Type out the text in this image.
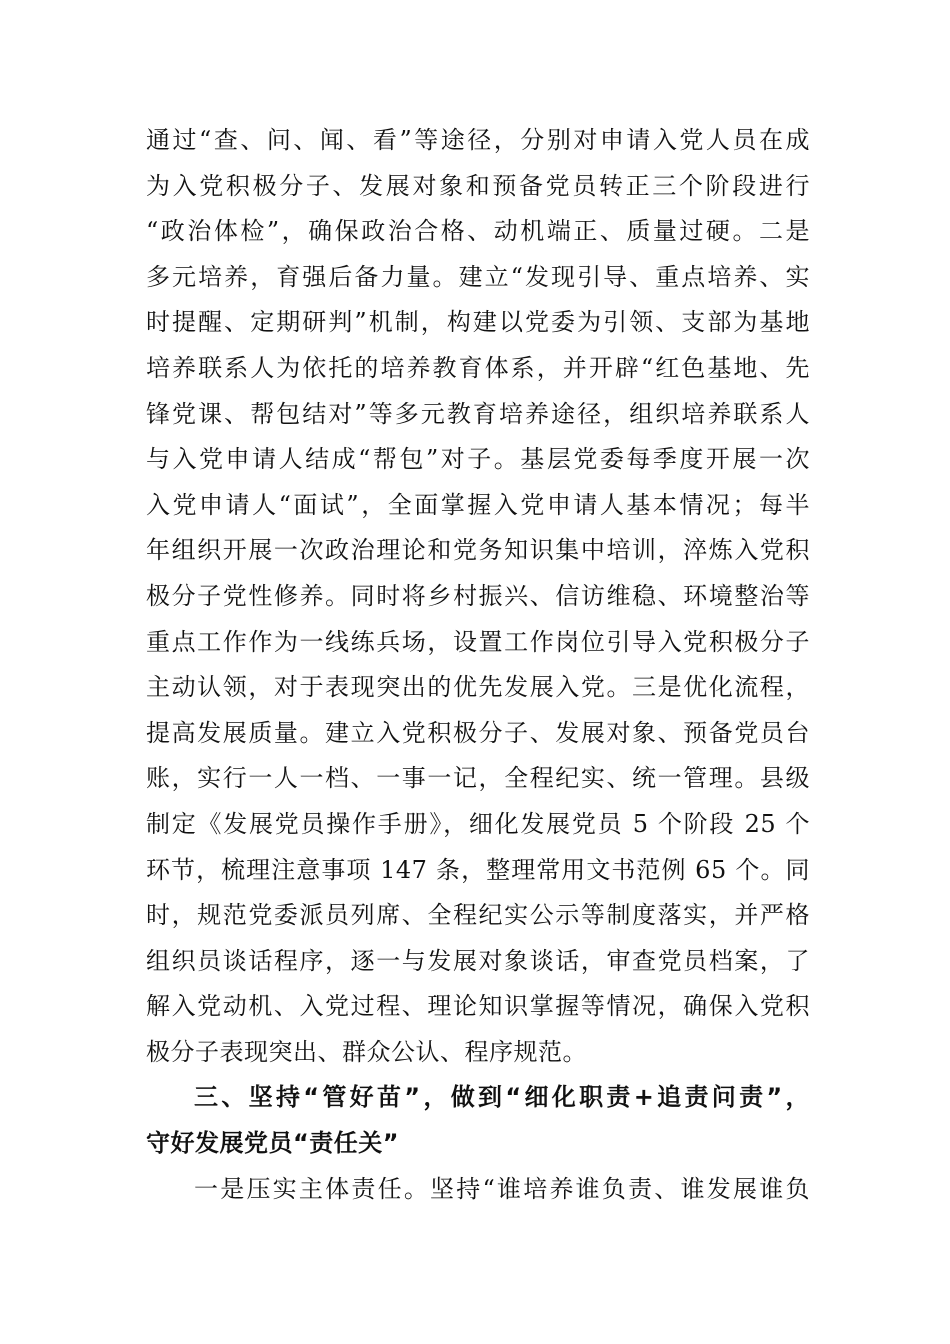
通过“查、问、闻、看”等途径，分别对申请入党人员在成
为入党积极分子、发展对象和预备党员转正三个阶段进行
“政治体检”，确保政治合格、动机端正、质量过硬。二是
多元培养，育强后备力量。建立“发现引导、重点培养、实
时提醒、定期研判”机制，构建以党委为引领、支部为基地
培养联系人为依托的培养教育体系，并开辟“红色基地、先
锋党课、帮包结对”等多元教育培养途径，组织培养联系人
与入党申请人结成“帮包”对子。基层党委每季度开展一次
入党申请人“面试”，全面掌握入党申请人基本情况；每半
年组织开展一次政治理论和党务知识集中培训，淬炼入党积
极分子党性修养。同时将乡村振兴、信访维稳、环境整治等
重点工作作为一线练兵场，设置工作岗位引导入党积极分子
主动认领，对于表现突出的优先发展入党。三是优化流程，
提高发展质量。建立入党积极分子、发展对象、预备党员台
账，实行一人一档、一事一记，全程纪实、统一管理。县级
制定《发展党员操作手册》，细化发展党员 5 个阶段 25 个
环节，梳理注意事项 147 条，整理常用文书范例 65 个。同
时，规范党委派员列席、全程纪实公示等制度落实，并严格
组织员谈话程序，逐一与发展对象谈话，审查党员档案，了
解入党动机、入党过程、理论知识掌握等情况，确保入党积
极分子表现突出、群众公认、程序规范。
三、坚持“管好苗”，做到“细化职责+追责问责”，
守好发展党员“责任关”
一是压实主体责任。坚持“谁培养谁负责、谁发展谁负
